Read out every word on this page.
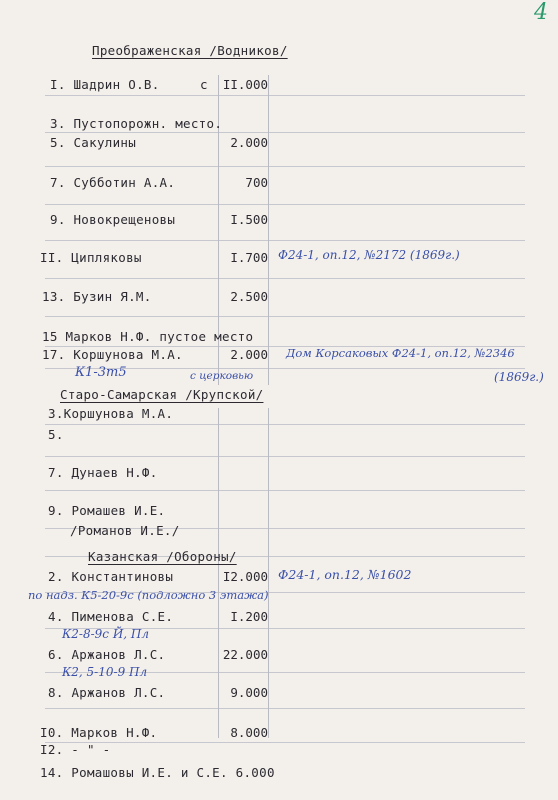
4
Преображенская /Водников/
I. Шадрин О.В.	с II.000
3. Пустопорожн. место.
5. Сакулины	2.000
7. Субботин А.А.	700
9. Новокрещеновы	I.500
II. Ципляковы	I.700 Ф24-1, оп.12, №2172 (1869г.)
13. Бузин Я.М.	2.500
15 Марков Н.Ф. пустое место
17. Коршунова М.А.	2.000 Дом Корсаковых Ф24-1, оп.12, №2346
(1869г.)
К1-3т5	с церковью
Старо-Самарская /Крупской/
3.Коршунова М.А.
5.
7. Дунаев Н.Ф.
9. Ромашев И.Е.
/Романов И.Е./
Казанская /Обороны/
2. Константиновы	I2.000 Ф24-1, оп.12, №1602
по надз. К5-20-9с (подложно 3 этажа)
4. Пименова С.Е.	I.200
К2-8-9с Й, Пл
6. Аржанов Л.С.	22.000
К2, 5-10-9 Пл
8. Аржанов Л.С.	9.000
I0. Марков Н.Ф.	8.000
I2. - " -
14. Ромашовы И.Е. и С.Е. 6.000
